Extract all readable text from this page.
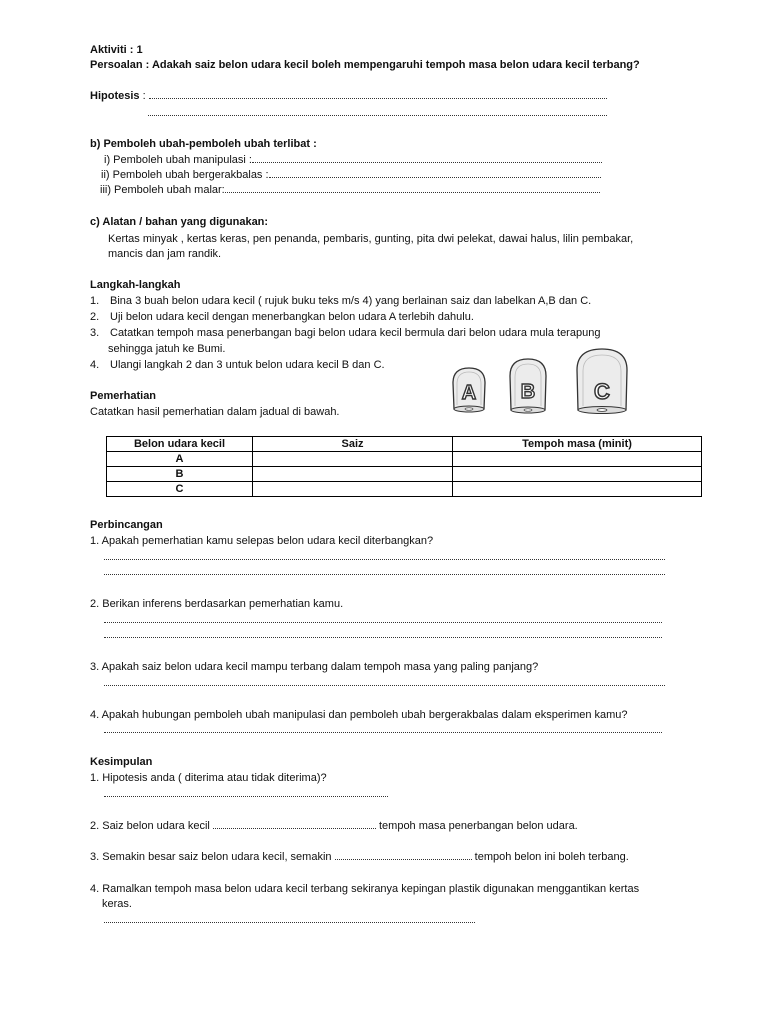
Aktiviti : 1
Persoalan : Adakah saiz belon udara kecil boleh mempengaruhi tempoh masa belon udara kecil terbang?
Hipotesis :
b) Pemboleh ubah-pemboleh ubah terlibat :
i) Pemboleh ubah manipulasi :
ii) Pemboleh ubah bergerakbalas :
iii) Pemboleh ubah malar:
c) Alatan / bahan yang digunakan:
Kertas minyak , kertas keras, pen penanda, pembaris, gunting, pita dwi pelekat, dawai halus, lilin pembakar,
mancis dan jam randik.
Langkah-langkah
1. Bina 3 buah belon udara kecil ( rujuk buku teks m/s 4) yang berlainan saiz dan labelkan A,B dan C.
2. Uji belon udara kecil dengan menerbangkan belon udara A terlebih dahulu.
3. Catatkan tempoh masa penerbangan bagi belon udara kecil bermula dari belon udara mula terapung
sehingga jatuh ke Bumi.
4. Ulangi langkah 2 dan 3 untuk belon udara kecil B dan C.
A B	C
Pemerhatian
Catatkan hasil pemerhatian dalam jadual di bawah.
Belon udara kecil	Saiz	Tempoh masa (minit)
A		
B		
C		
Perbincangan
1. Apakah pemerhatian kamu selepas belon udara kecil diterbangkan?
2. Berikan inferens berdasarkan pemerhatian kamu.
3. Apakah saiz belon udara kecil mampu terbang dalam tempoh masa yang paling panjang?
4. Apakah hubungan pemboleh ubah manipulasi dan pemboleh ubah bergerakbalas dalam eksperimen kamu?
Kesimpulan
1. Hipotesis anda ( diterima atau tidak diterima)?
2. Saiz belon udara kecil	tempoh masa penerbangan belon udara.
3. Semakin besar saiz belon udara kecil, semakin	tempoh belon ini boleh terbang.
4. Ramalkan tempoh masa belon udara kecil terbang sekiranya kepingan plastik digunakan menggantikan kertas
keras.
